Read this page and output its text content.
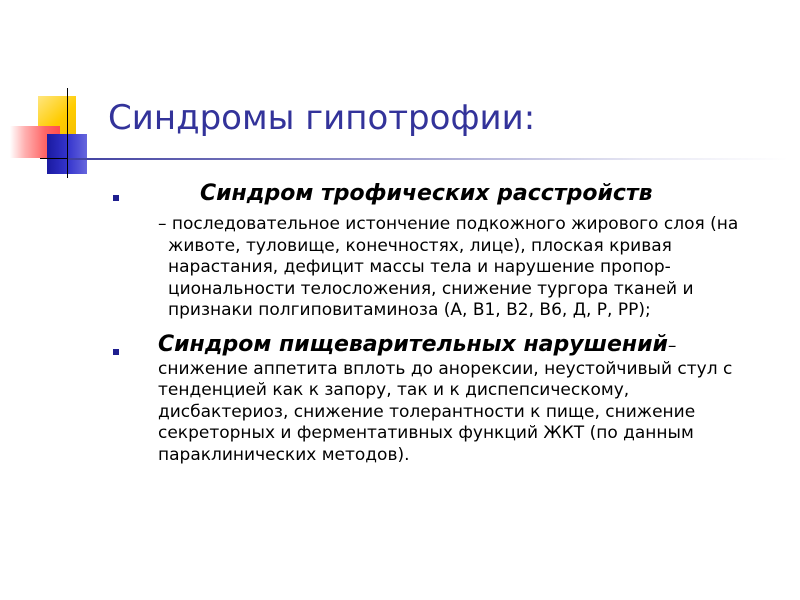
Синдромы гипотрофии:
Синдром трофических расстройств
– последовательное истончение подкожного жирового слоя (на животе, туловище, конечностях, лице), плоская кривая нарастания, дефицит массы тела и нарушение пропор-циональности телосложения, снижение тургора тканей и признаки полгиповитаминоза (А, В1, В2, В6, Д, Р, РР);
Синдром пищеварительных нарушений– снижение аппетита вплоть до анорексии, неустойчивый стул с тенденцией как к запору, так и к диспепсическому, дисбактериоз, снижение толерантности к пище, снижение секреторных и ферментативных функций ЖКТ (по данным параклинических методов).
